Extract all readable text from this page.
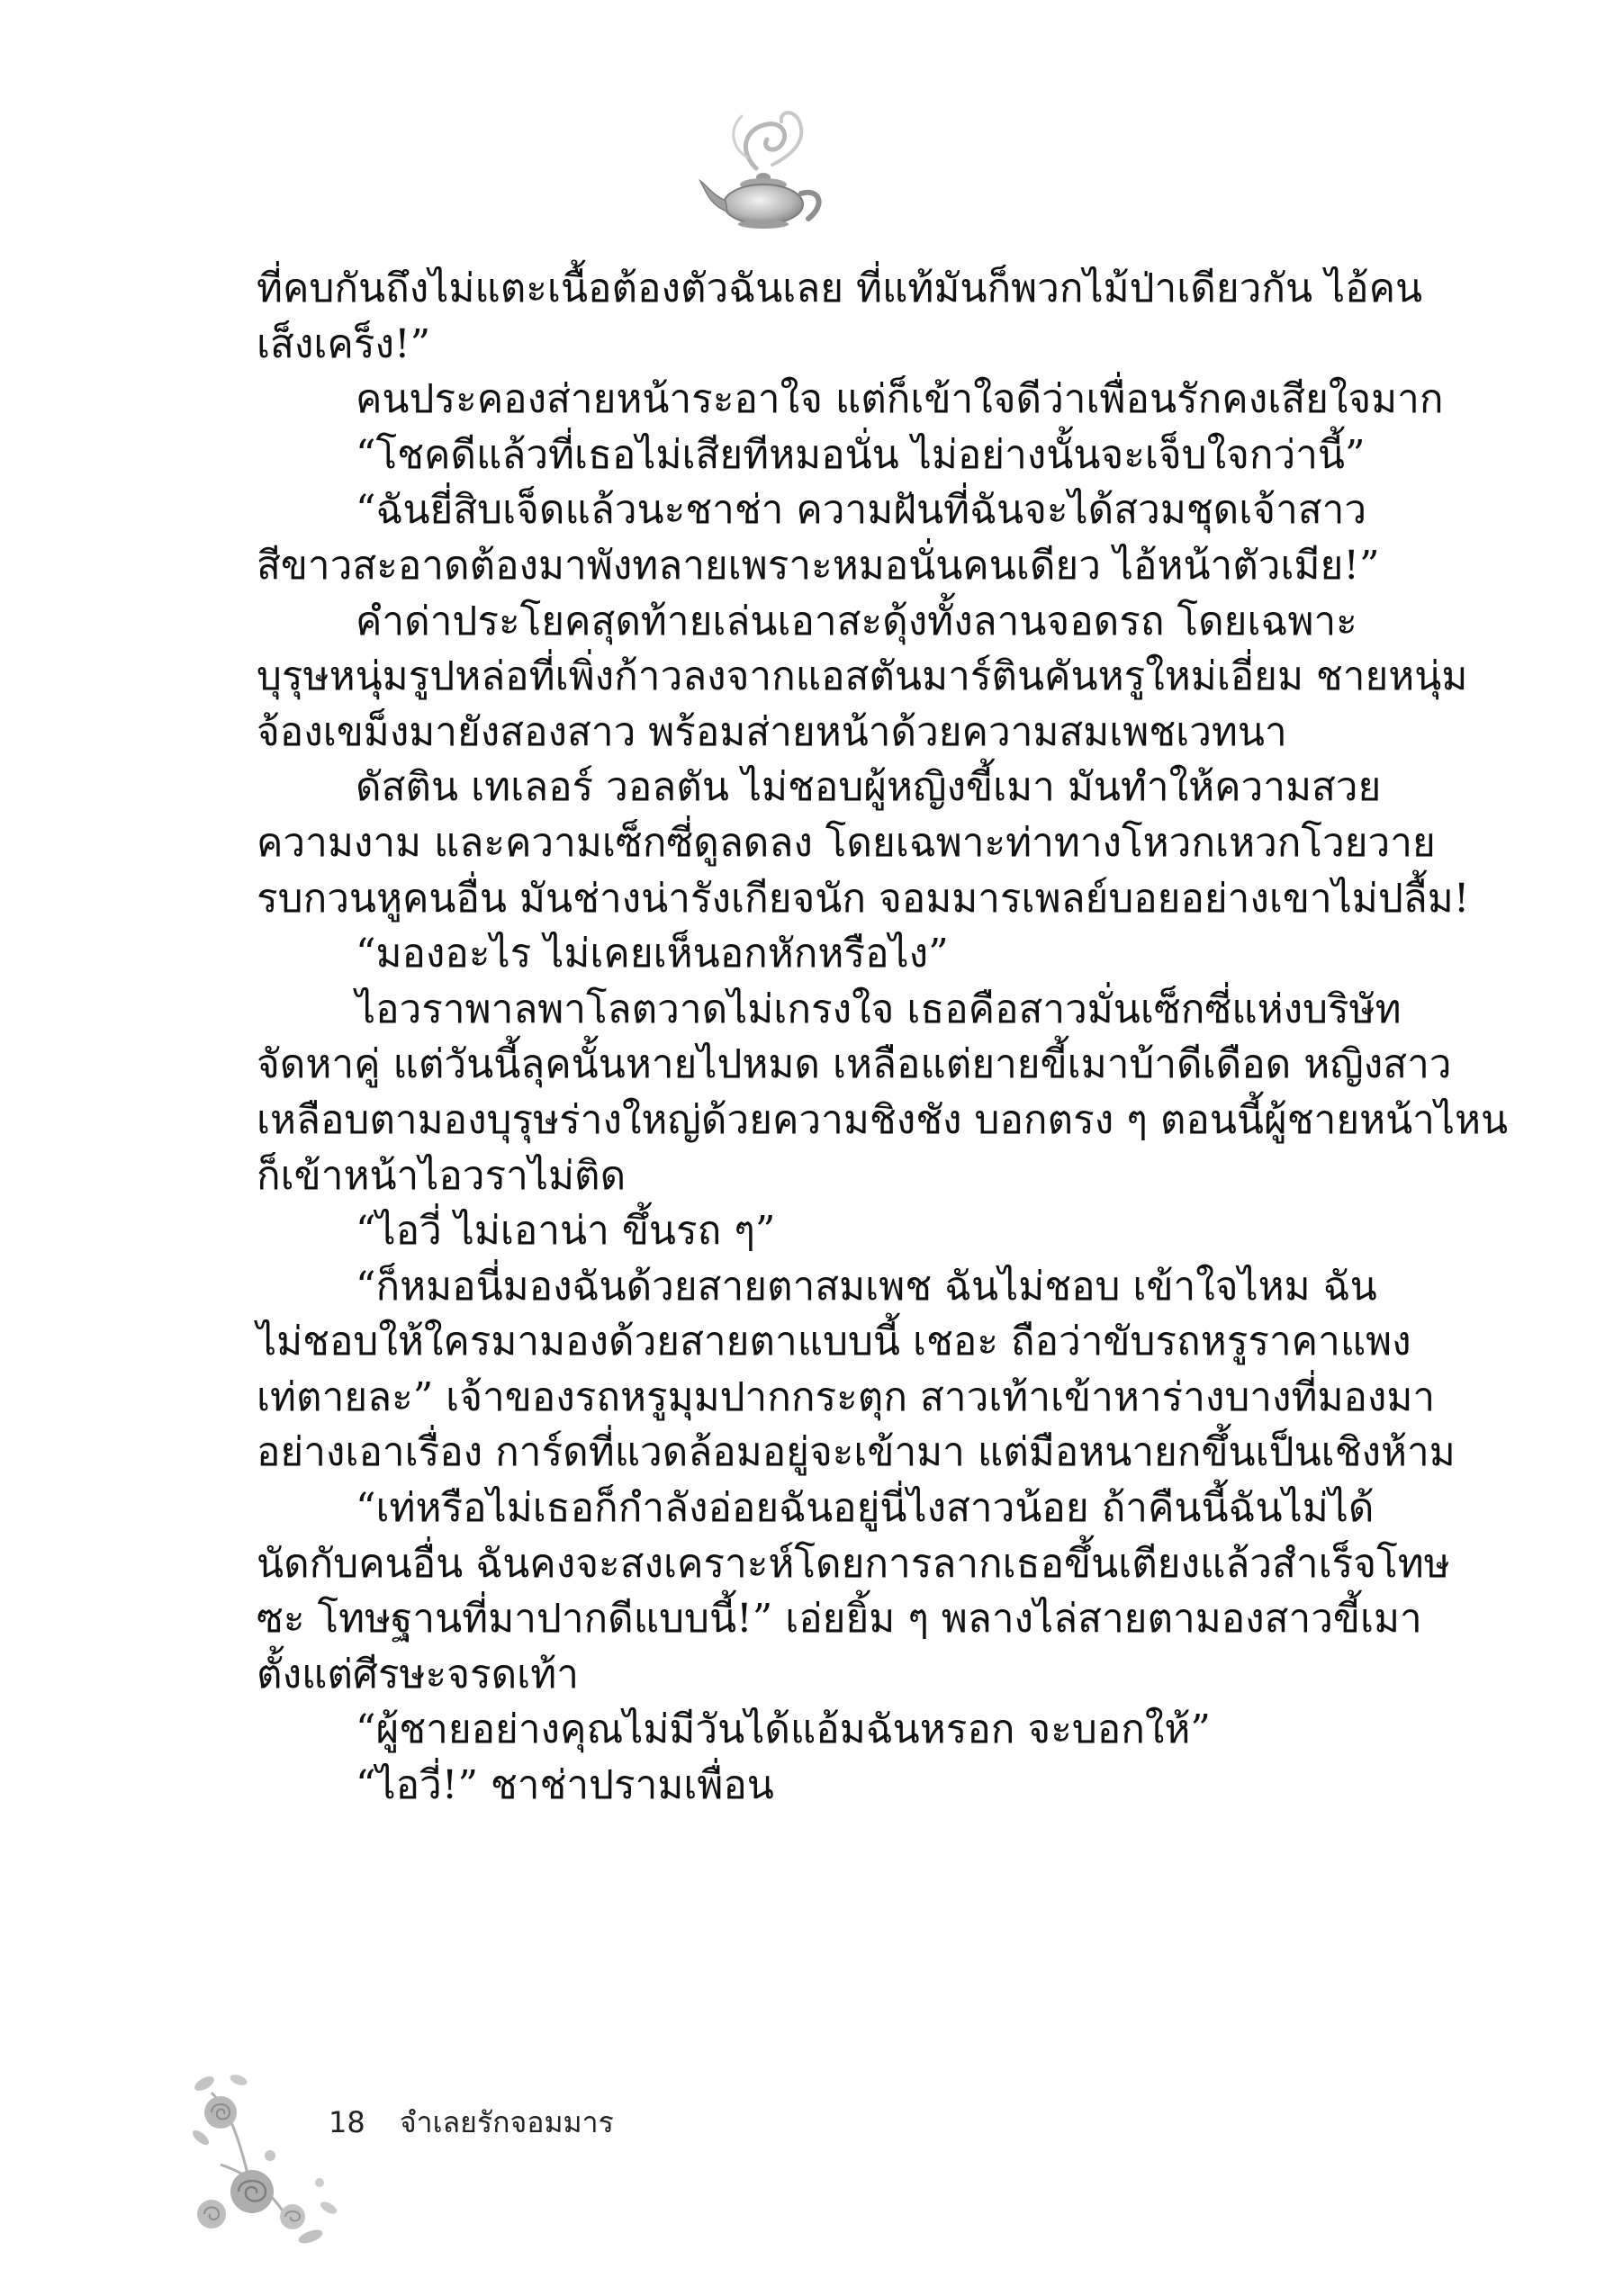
ที่คบกันถึงไม่แตะเนื้อต้องตัวฉันเลย ที่แท้มันก็พวกไม้ป่าเดียวกัน ไอ้คน
เส็งเคร็ง!”
คนประคองส่ายหน้าระอาใจ แต่ก็เข้าใจดีว่าเพื่อนรักคงเสียใจมาก
“โชคดีแล้วที่เธอไม่เสียทีหมอนั่น ไม่อย่างนั้นจะเจ็บใจกว่านี้”
“ฉันยี่สิบเจ็ดแล้วนะชาช่า ความฝันที่ฉันจะได้สวมชุดเจ้าสาว
สีขาวสะอาดต้องมาพังทลายเพราะหมอนั่นคนเดียว ไอ้หน้าตัวเมีย!”
คำด่าประโยคสุดท้ายเล่นเอาสะดุ้งทั้งลานจอดรถ โดยเฉพาะ
บุรุษหนุ่มรูปหล่อที่เพิ่งก้าวลงจากแอสตันมาร์ตินคันหรูใหม่เอี่ยม ชายหนุ่ม
จ้องเขม็งมายังสองสาว พร้อมส่ายหน้าด้วยความสมเพชเวทนา
ดัสติน เทเลอร์ วอลตัน ไม่ชอบผู้หญิงขี้เมา มันทำให้ความสวย
ความงาม และความเซ็กซี่ดูลดลง โดยเฉพาะท่าทางโหวกเหวกโวยวาย
รบกวนหูคนอื่น มันช่างน่ารังเกียจนัก จอมมารเพลย์บอยอย่างเขาไม่ปลื้ม!
“มองอะไร ไม่เคยเห็นอกหักหรือไง”
ไอวราพาลพาโลตวาดไม่เกรงใจ เธอคือสาวมั่นเซ็กซี่แห่งบริษัท
จัดหาคู่ แต่วันนี้ลุคนั้นหายไปหมด เหลือแต่ยายขี้เมาบ้าดีเดือด หญิงสาว
เหลือบตามองบุรุษร่างใหญ่ด้วยความชิงชัง บอกตรง ๆ ตอนนี้ผู้ชายหน้าไหน
ก็เข้าหน้าไอวราไม่ติด
“ไอวี่ ไม่เอาน่า ขึ้นรถ ๆ”
“ก็หมอนี่มองฉันด้วยสายตาสมเพช ฉันไม่ชอบ เข้าใจไหม ฉัน
ไม่ชอบให้ใครมามองด้วยสายตาแบบนี้ เชอะ ถือว่าขับรถหรูราคาแพง
เท่ตายละ” เจ้าของรถหรูมุมปากกระตุก สาวเท้าเข้าหาร่างบางที่มองมา
อย่างเอาเรื่อง การ์ดที่แวดล้อมอยู่จะเข้ามา แต่มือหนายกขึ้นเป็นเชิงห้าม
“เท่หรือไม่เธอก็กำลังอ่อยฉันอยู่นี่ไงสาวน้อย ถ้าคืนนี้ฉันไม่ได้
นัดกับคนอื่น ฉันคงจะสงเคราะห์โดยการลากเธอขึ้นเตียงแล้วสำเร็จโทษ
ซะ โทษฐานที่มาปากดีแบบนี้!” เอ่ยยิ้ม ๆ พลางไล่สายตามองสาวขี้เมา
ตั้งแต่ศีรษะจรดเท้า
“ผู้ชายอย่างคุณไม่มีวันได้แอ้มฉันหรอก จะบอกให้”
“ไอวี่!” ชาช่าปรามเพื่อน
18 จำเลยรักจอมมาร
